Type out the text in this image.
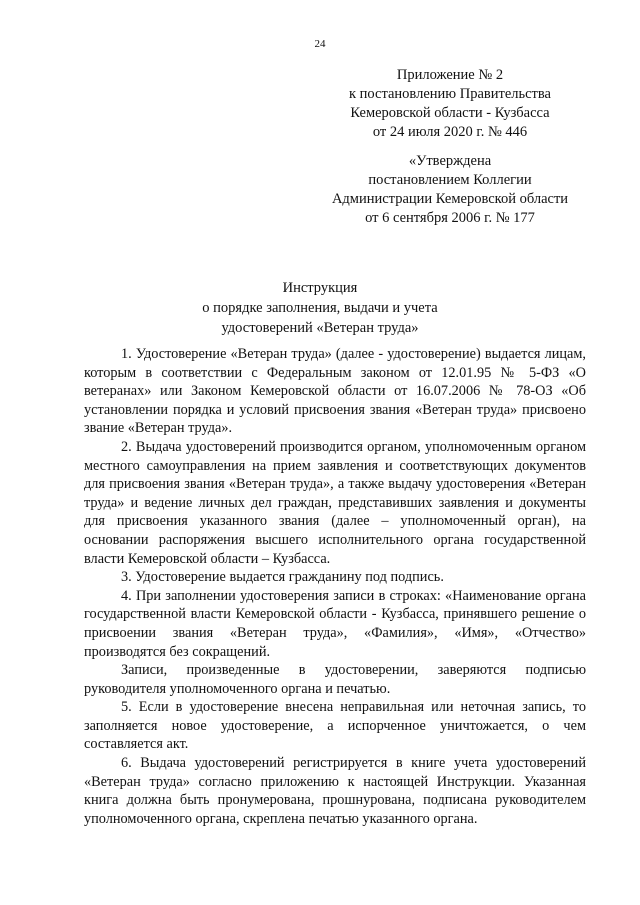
24
Приложение № 2
к постановлению Правительства
Кемеровской области - Кузбасса
от 24 июля 2020 г. № 446
«Утверждена
постановлением Коллегии
Администрации Кемеровской области
от 6 сентября 2006 г. № 177
Инструкция
о порядке заполнения, выдачи и учета
удостоверений «Ветеран труда»

1. Удостоверение «Ветеран труда» (далее - удостоверение) выдается лицам, которым в соответствии с Федеральным законом от 12.01.95 № 5-ФЗ «О ветеранах» или Законом Кемеровской области от 16.07.2006 № 78-ОЗ «Об установлении порядка и условий присвоения звания «Ветеран труда» присвоено звание «Ветеран труда».

2. Выдача удостоверений производится органом, уполномоченным органом местного самоуправления на прием заявления и соответствующих документов для присвоения звания «Ветеран труда», а также выдачу удостоверения «Ветеран труда» и ведение личных дел граждан, представивших заявления и документы для присвоения указанного звания (далее – уполномоченный орган), на основании распоряжения высшего исполнительного органа государственной власти Кемеровской области – Кузбасса.

3. Удостоверение выдается гражданину под подпись.

4. При заполнении удостоверения записи в строках: «Наименование органа государственной власти Кемеровской области - Кузбасса, принявшего решение о присвоении звания «Ветеран труда», «Фамилия», «Имя», «Отчество» производятся без сокращений.

Записи, произведенные в удостоверении, заверяются подписью руководителя уполномоченного органа и печатью.

5. Если в удостоверение внесена неправильная или неточная запись, то заполняется новое удостоверение, а испорченное уничтожается, о чем составляется акт.

6. Выдача удостоверений регистрируется в книге учета удостоверений «Ветеран труда» согласно приложению к настоящей Инструкции. Указанная книга должна быть пронумерована, прошнурована, подписана руководителем уполномоченного органа, скреплена печатью указанного органа.
